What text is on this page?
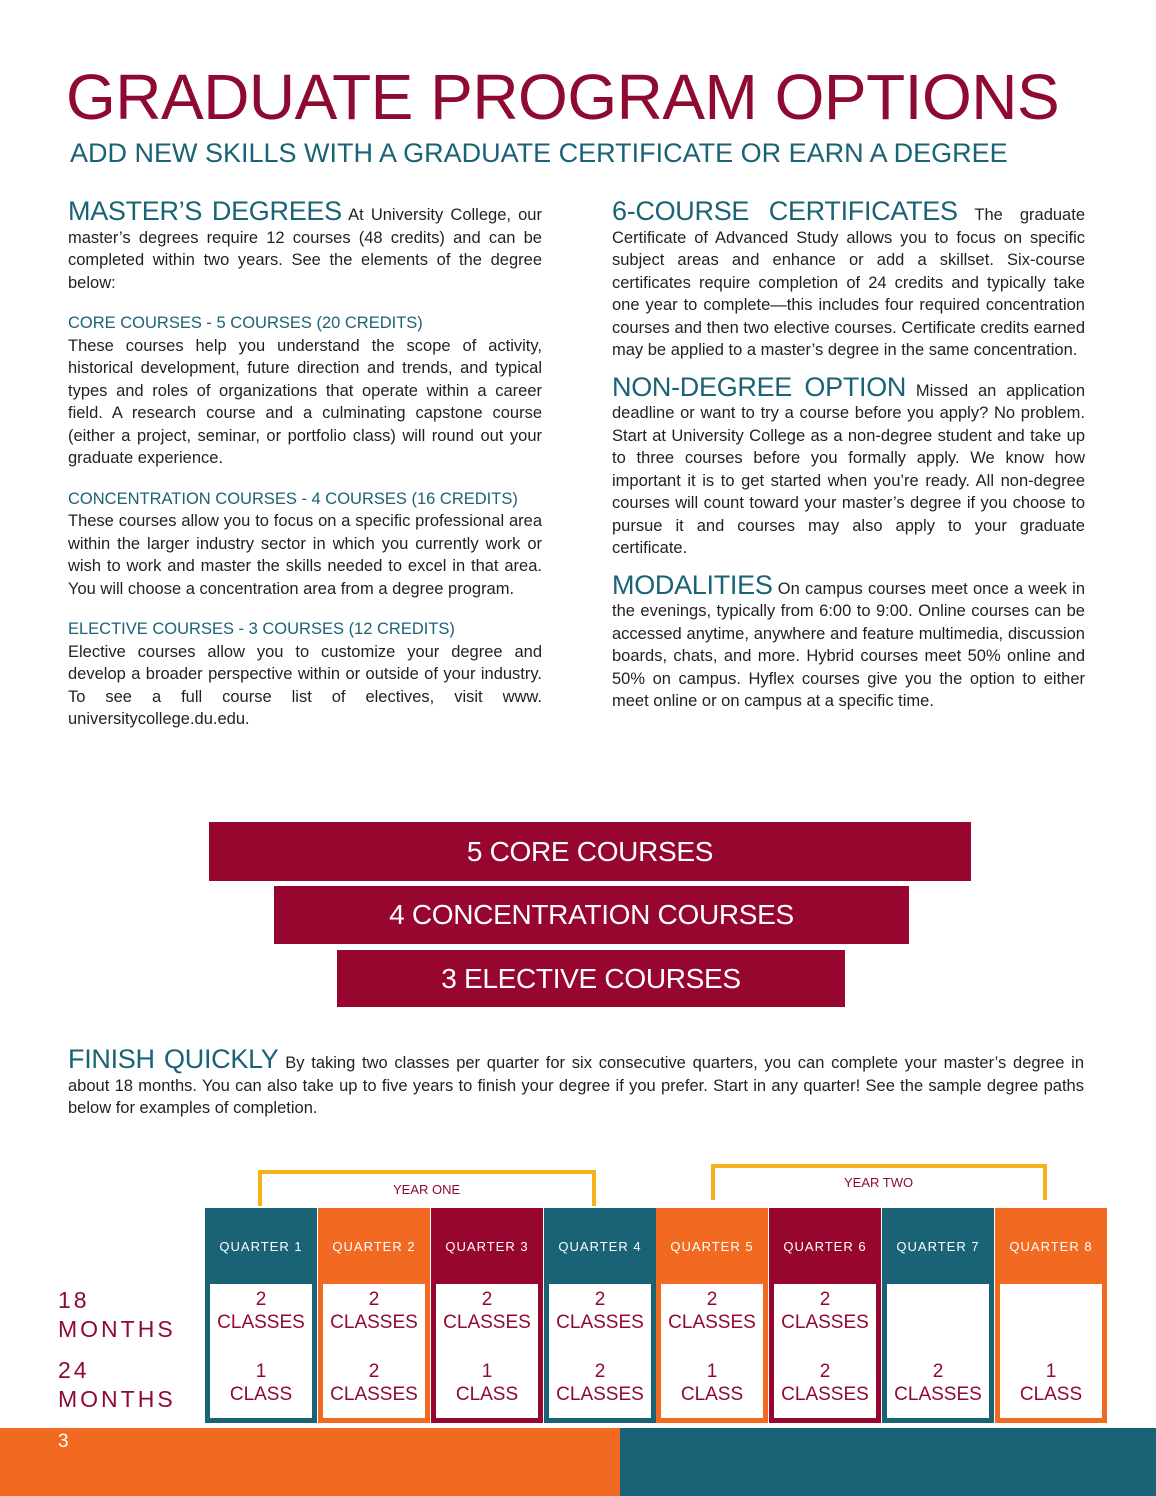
GRADUATE PROGRAM OPTIONS
ADD NEW SKILLS WITH A GRADUATE CERTIFICATE OR EARN A DEGREE

MASTER’S DEGREES At University College, our master’s degrees require 12 courses (48 credits) and can be completed within two years. See the elements of the degree below:

CORE COURSES - 5 COURSES (20 CREDITS)

These courses help you understand the scope of activity, historical development, future direction and trends, and typical types and roles of organizations that operate within a career field. A research course and a culminating capstone course (either a project, seminar, or portfolio class) will round out your graduate experience.

CONCENTRATION COURSES - 4 COURSES (16 CREDITS)

These courses allow you to focus on a specific professional area within the larger industry sector in which you currently work or wish to work and master the skills needed to excel in that area. You will choose a concentration area from a degree program.

ELECTIVE COURSES - 3 COURSES (12 CREDITS)

Elective courses allow you to customize your degree and develop a broader perspective within or outside of your industry. To see a full course list of electives, visit www. universitycollege.du.edu.

6-COURSE CERTIFICATES The graduate Certificate of Advanced Study allows you to focus on specific subject areas and enhance or add a skillset. Six-course certificates require completion of 24 credits and typically take one year to complete—this includes four required concentration courses and then two elective courses. Certificate credits earned may be applied to a master’s degree in the same concentration.

NON-DEGREE OPTION Missed an application deadline or want to try a course before you apply? No problem. Start at University College as a non-degree student and take up to three courses before you formally apply. We know how important it is to get started when you’re ready. All non-degree courses will count toward your master’s degree if you choose to pursue it and courses may also apply to your graduate certificate.

MODALITIES On campus courses meet once a week in the evenings, typically from 6:00 to 9:00. Online courses can be accessed anytime, anywhere and feature multimedia, discussion boards, chats, and more. Hybrid courses meet 50% online and 50% on campus. Hyflex courses give you the option to either meet online or on campus at a specific time.

5 CORE COURSES
4 CONCENTRATION COURSES
3 ELECTIVE COURSES

FINISH QUICKLY By taking two classes per quarter for six consecutive quarters, you can complete your master’s degree in about 18 months. You can also take up to five years to finish your degree if you prefer. Start in any quarter! See the sample degree paths below for examples of completion.

YEAR ONE	YEAR TWO
18
MONTHS
24
MONTHS
QUARTER 1
2
CLASSES
1
CLASS
QUARTER 2
2
CLASSES
2
CLASSES
QUARTER 3
2
CLASSES
1
CLASS
QUARTER 4
2
CLASSES
2
CLASSES
QUARTER 5
2
CLASSES
1
CLASS
QUARTER 6
2
CLASSES
2
CLASSES
QUARTER 7
2
CLASSES
QUARTER 8
1
CLASS
3
